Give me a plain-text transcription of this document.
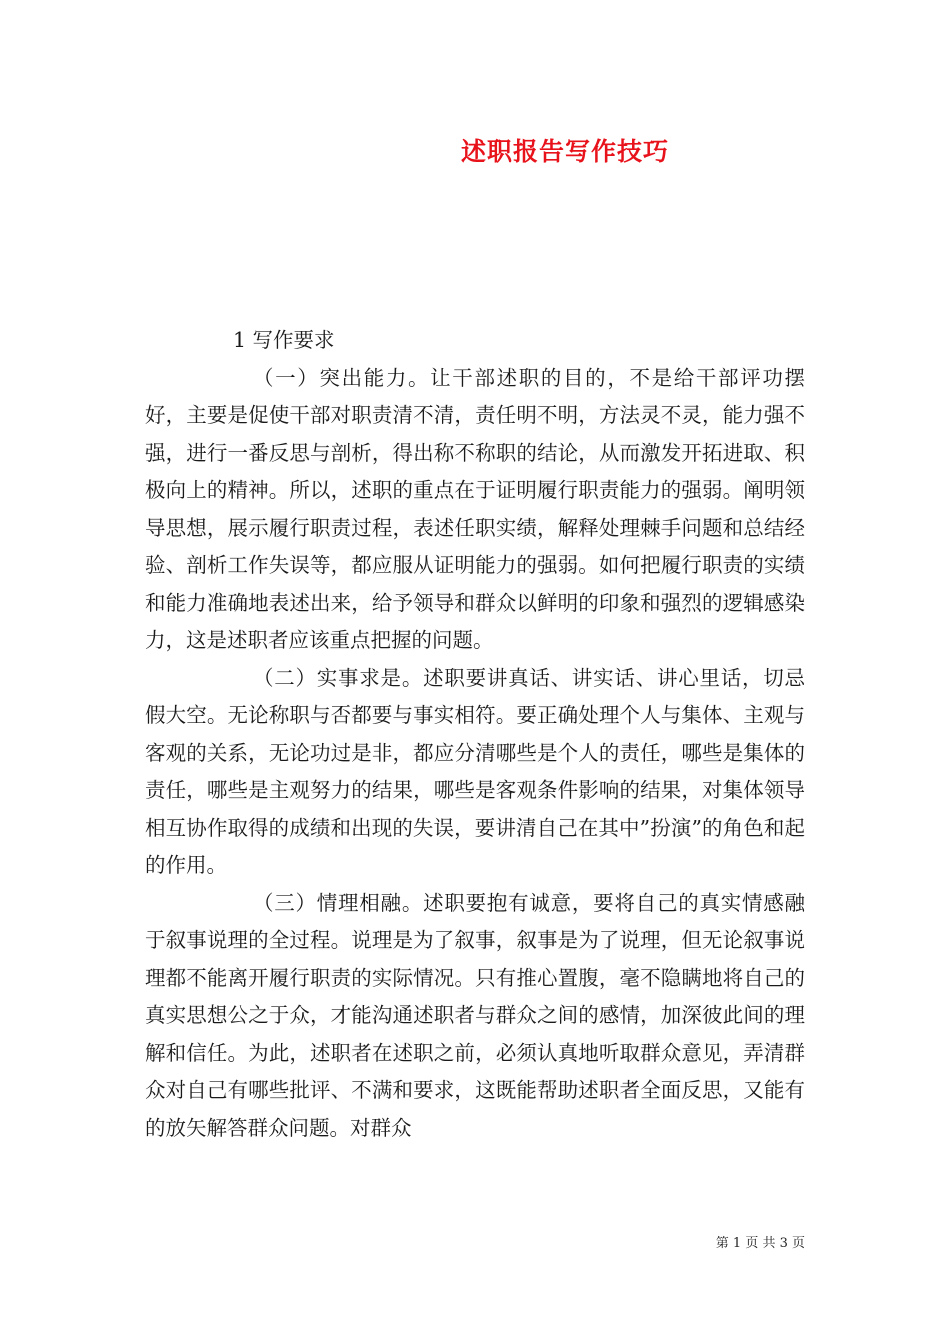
述职报告写作技巧

1 写作要求

（一）突出能力。让干部述职的目的，不是给干部评功摆好，主要是促使干部对职责清不清，责任明不明，方法灵不灵，能力强不强，进行一番反思与剖析，得出称不称职的结论，从而激发开拓进取、积极向上的精神。所以，述职的重点在于证明履行职责能力的强弱。阐明领导思想，展示履行职责过程，表述任职实绩，解释处理棘手问题和总结经验、剖析工作失误等，都应服从证明能力的强弱。如何把履行职责的实绩和能力准确地表述出来，给予领导和群众以鲜明的印象和强烈的逻辑感染力，这是述职者应该重点把握的问题。

（二）实事求是。述职要讲真话、讲实话、讲心里话，切忌假大空。无论称职与否都要与事实相符。要正确处理个人与集体、主观与客观的关系，无论功过是非，都应分清哪些是个人的责任，哪些是集体的责任，哪些是主观努力的结果，哪些是客观条件影响的结果，对集体领导相互协作取得的成绩和出现的失误，要讲清自己在其中”扮演”的角色和起的作用。

（三）情理相融。述职要抱有诚意，要将自己的真实情感融于叙事说理的全过程。说理是为了叙事，叙事是为了说理，但无论叙事说理都不能离开履行职责的实际情况。只有推心置腹，毫不隐瞒地将自己的真实思想公之于众，才能沟通述职者与群众之间的感情，加深彼此间的理解和信任。为此，述职者在述职之前，必须认真地听取群众意见，弄清群众对自己有哪些批评、不满和要求，这既能帮助述职者全面反思，又能有的放矢解答群众问题。对群众

第 1 页 共 3 页
